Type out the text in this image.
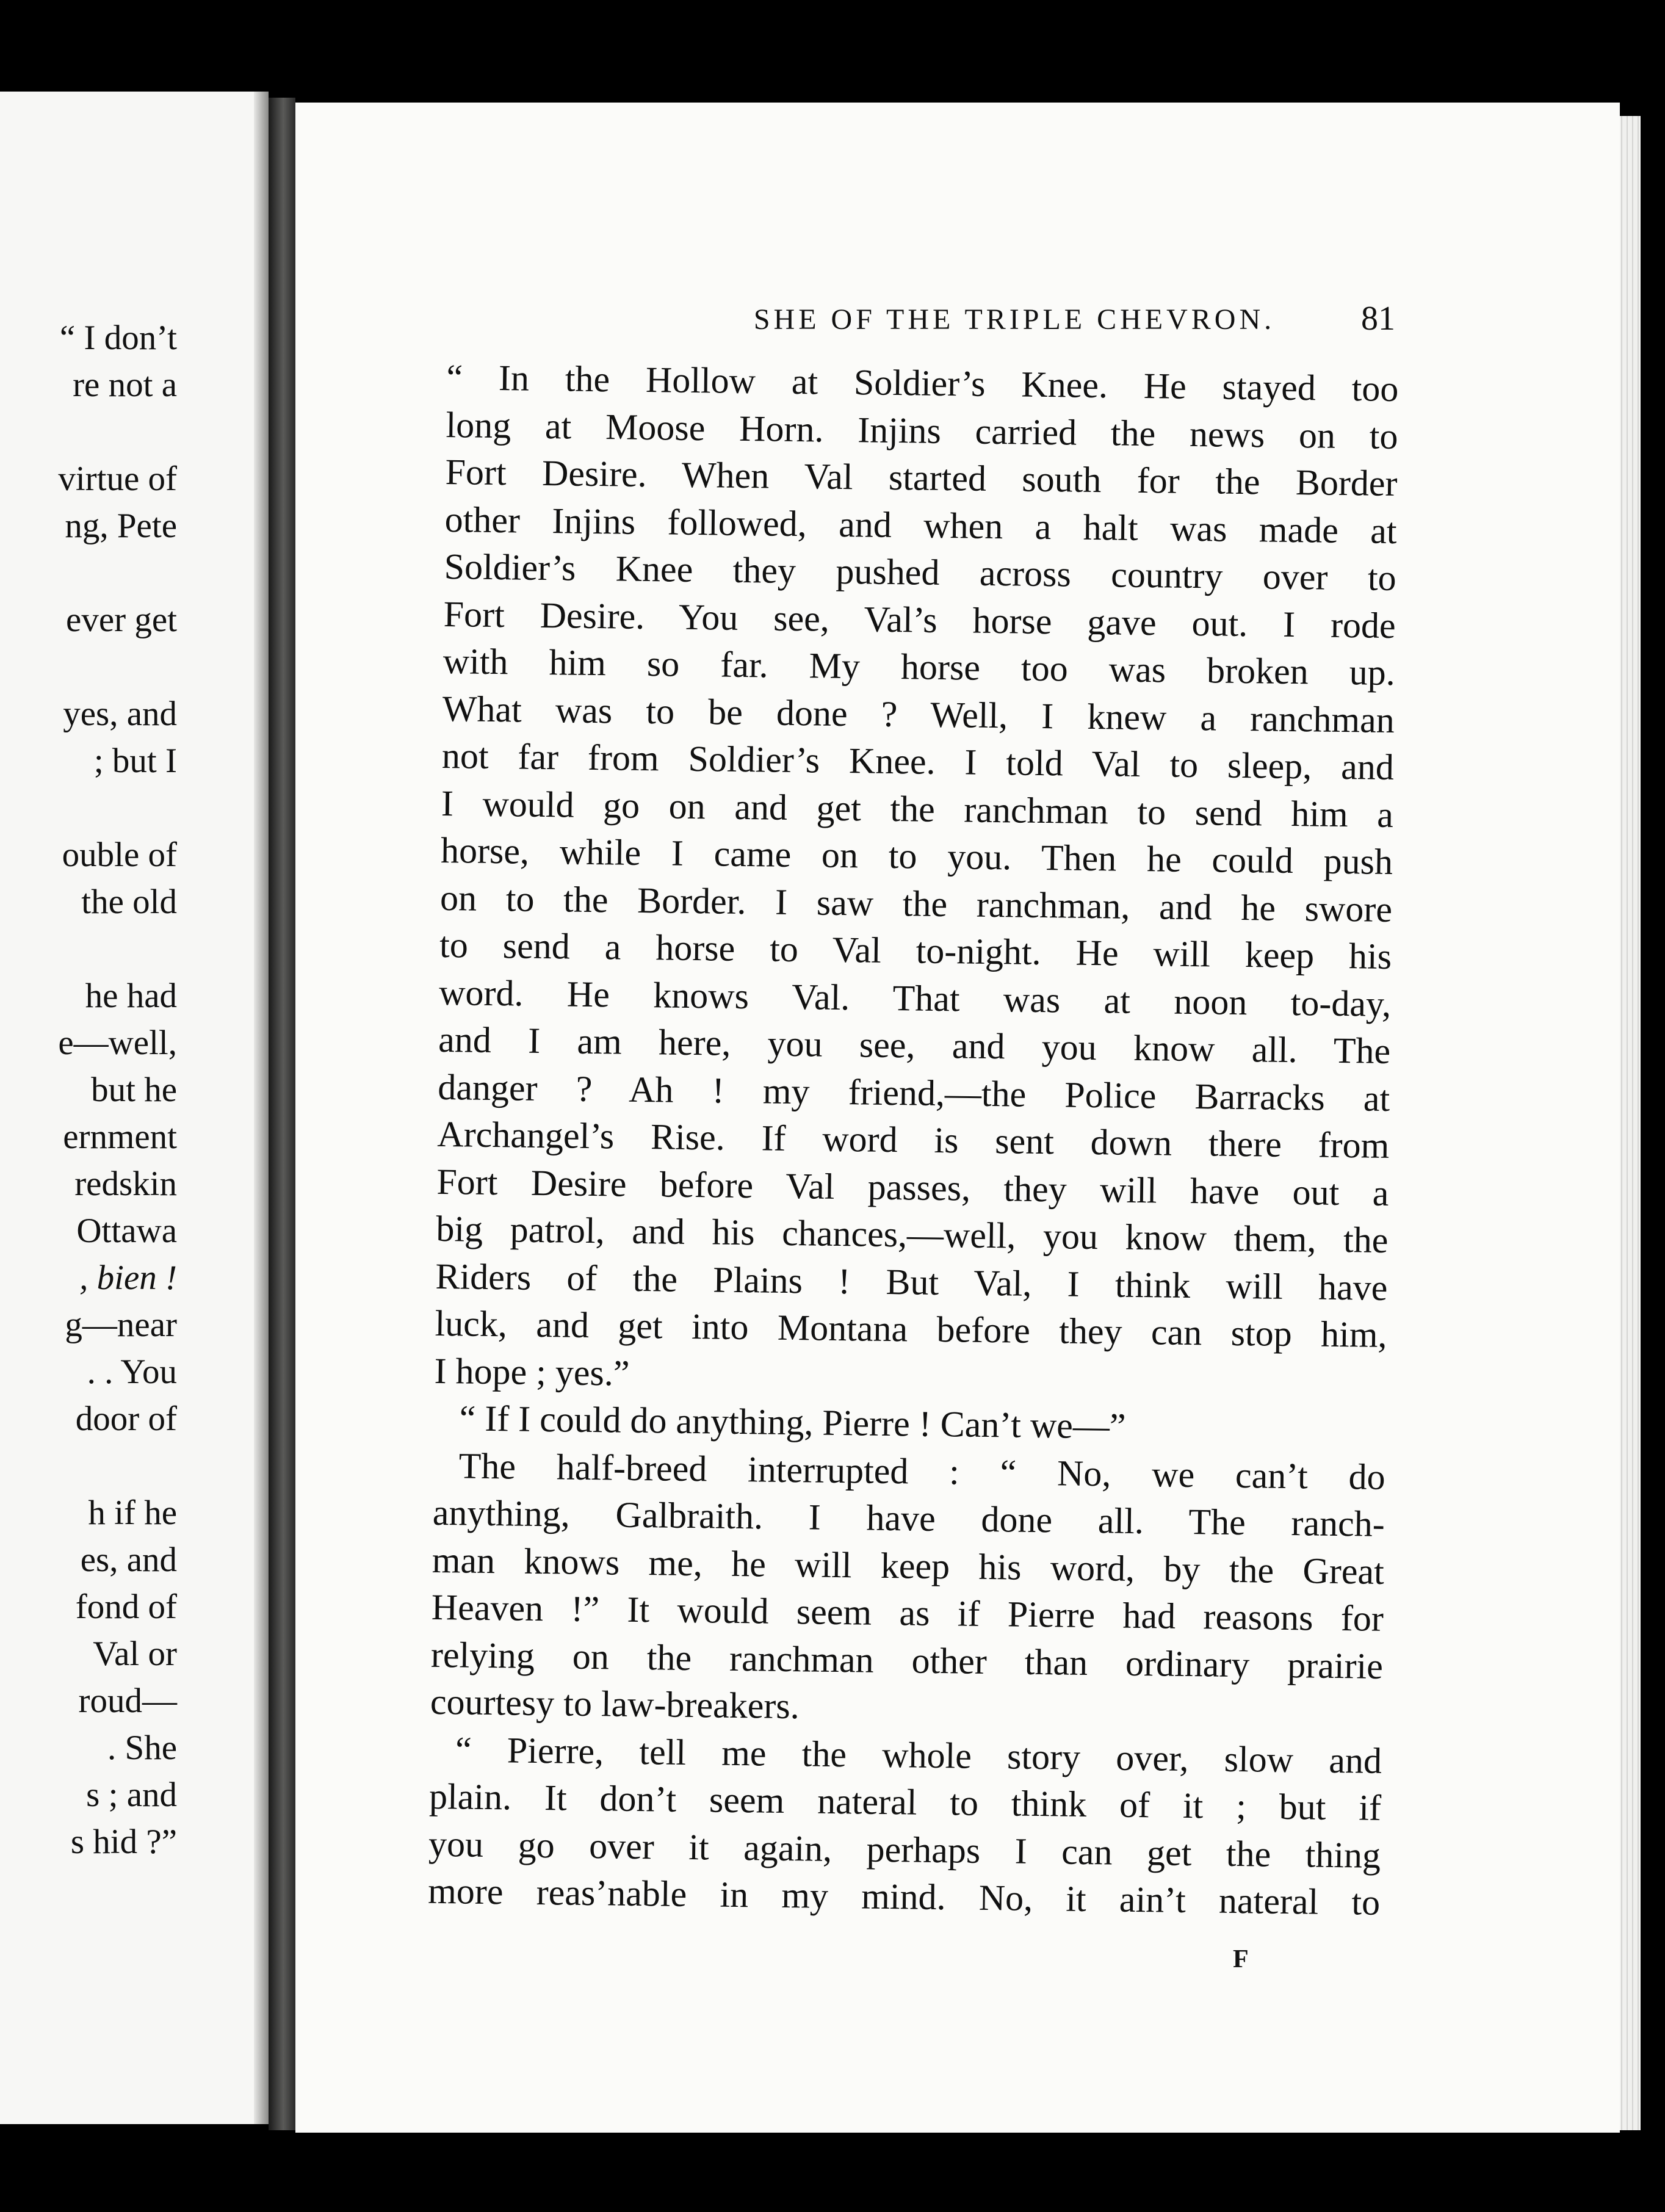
“ I don’t
re not a
virtue of
ng, Pete
ever get
yes, and
; but I
ouble of
the old
he had
e—well,
but he
ernment
redskin
Ottawa
, bien !
g—near
. . You
door of
h if he
es, and
fond of
Val or
roud—
. She
s ; and
s hid ?”
SHE OF THE TRIPLE CHEVRON.	81
“ In the Hollow at Soldier’s Knee. He stayed too
long at Moose Horn. Injins carried the news on to
Fort Desire. When Val started south for the Border
other Injins followed, and when a halt was made at
Soldier’s Knee they pushed across country over to
Fort Desire. You see, Val’s horse gave out. I rode
with him so far. My horse too was broken up.
What was to be done ? Well, I knew a ranchman
not far from Soldier’s Knee. I told Val to sleep, and
I would go on and get the ranchman to send him a
horse, while I came on to you. Then he could push
on to the Border. I saw the ranchman, and he swore
to send a horse to Val to-night. He will keep his
word. He knows Val. That was at noon to-day,
and I am here, you see, and you know all. The
danger ? Ah ! my friend,—the Police Barracks at
Archangel’s Rise. If word is sent down there from
Fort Desire before Val passes, they will have out a
big patrol, and his chances,—well, you know them, the
Riders of the Plains ! But Val, I think will have
luck, and get into Montana before they can stop him,
I hope ; yes.”
“ If I could do anything, Pierre ! Can’t we—”
The half-breed interrupted : “ No, we can’t do
anything, Galbraith. I have done all. The ranch-
man knows me, he will keep his word, by the Great
Heaven !” It would seem as if Pierre had reasons for
relying on the ranchman other than ordinary prairie
courtesy to law-breakers.
“ Pierre, tell me the whole story over, slow and
plain. It don’t seem nateral to think of it ; but if
you go over it again, perhaps I can get the thing
more reas’nable in my mind. No, it ain’t nateral to
F
